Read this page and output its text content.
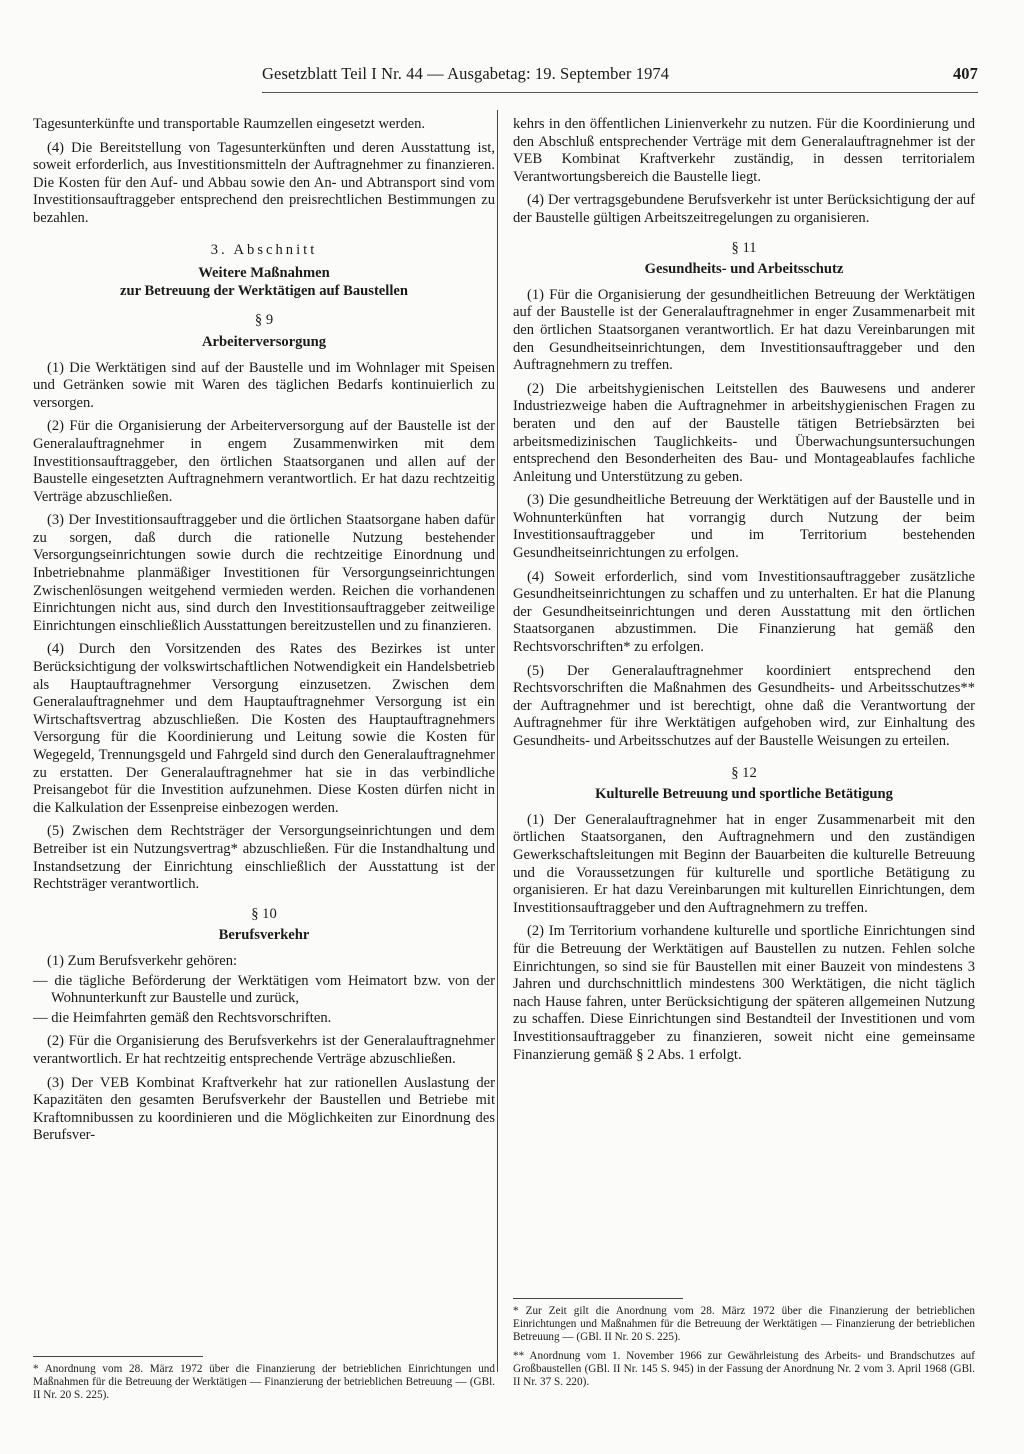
Gesetzblatt Teil I Nr. 44 — Ausgabetag: 19. September 1974	407

Tagesunterkünfte und transportable Raumzellen eingesetzt werden.

(4) Die Bereitstellung von Tagesunterkünften und deren Ausstattung ist, soweit erforderlich, aus Investitionsmitteln der Auftragnehmer zu finanzieren. Die Kosten für den Auf- und Abbau sowie den An- und Abtransport sind vom Investitionsauftraggeber entsprechend den preisrechtlichen Bestimmungen zu bezahlen.

3. Abschnitt
Weitere Maßnahmen
zur Betreuung der Werktätigen auf Baustellen
§ 9
Arbeiterversorgung

(1) Die Werktätigen sind auf der Baustelle und im Wohnlager mit Speisen und Getränken sowie mit Waren des täglichen Bedarfs kontinuierlich zu versorgen.

(2) Für die Organisierung der Arbeiterversorgung auf der Baustelle ist der Generalauftragnehmer in engem Zusammenwirken mit dem Investitionsauftraggeber, den örtlichen Staatsorganen und allen auf der Baustelle eingesetzten Auftragnehmern verantwortlich. Er hat dazu rechtzeitig Verträge abzuschließen.

(3) Der Investitionsauftraggeber und die örtlichen Staatsorgane haben dafür zu sorgen, daß durch die rationelle Nutzung bestehender Versorgungseinrichtungen sowie durch die rechtzeitige Einordnung und Inbetriebnahme planmäßiger Investitionen für Versorgungseinrichtungen Zwischenlösungen weitgehend vermieden werden. Reichen die vorhandenen Einrichtungen nicht aus, sind durch den Investitionsauftraggeber zeitweilige Einrichtungen einschließlich Ausstattungen bereitzustellen und zu finanzieren.

(4) Durch den Vorsitzenden des Rates des Bezirkes ist unter Berücksichtigung der volkswirtschaftlichen Notwendigkeit ein Handelsbetrieb als Hauptauftragnehmer Versorgung einzusetzen. Zwischen dem Generalauftragnehmer und dem Hauptauftragnehmer Versorgung ist ein Wirtschaftsvertrag abzuschließen. Die Kosten des Hauptauftragnehmers Versorgung für die Koordinierung und Leitung sowie die Kosten für Wegegeld, Trennungsgeld und Fahrgeld sind durch den Generalauftragnehmer zu erstatten. Der Generalauftragnehmer hat sie in das verbindliche Preisangebot für die Investition aufzunehmen. Diese Kosten dürfen nicht in die Kalkulation der Essenpreise einbezogen werden.

(5) Zwischen dem Rechtsträger der Versorgungseinrichtungen und dem Betreiber ist ein Nutzungsvertrag* abzuschließen. Für die Instandhaltung und Instandsetzung der Einrichtung einschließlich der Ausstattung ist der Rechtsträger verantwortlich.

§ 10
Berufsverkehr

(1) Zum Berufsverkehr gehören:

— die tägliche Beförderung der Werktätigen vom Heimatort bzw. von der Wohnunterkunft zur Baustelle und zurück,

— die Heimfahrten gemäß den Rechtsvorschriften.

(2) Für die Organisierung des Berufsverkehrs ist der Generalauftragnehmer verantwortlich. Er hat rechtzeitig entsprechende Verträge abzuschließen.

(3) Der VEB Kombinat Kraftverkehr hat zur rationellen Auslastung der Kapazitäten den gesamten Berufsverkehr der Baustellen und Betriebe mit Kraftomnibussen zu koordinieren und die Möglichkeiten zur Einordnung des Berufsver-

* Anordnung vom 28. März 1972 über die Finanzierung der betrieblichen Einrichtungen und Maßnahmen für die Betreuung der Werktätigen — Finanzierung der betrieblichen Betreuung — (GBl. II Nr. 20 S. 225).

kehrs in den öffentlichen Linienverkehr zu nutzen. Für die Koordinierung und den Abschluß entsprechender Verträge mit dem Generalauftragnehmer ist der VEB Kombinat Kraftverkehr zuständig, in dessen territorialem Verantwortungsbereich die Baustelle liegt.

(4) Der vertragsgebundene Berufsverkehr ist unter Berücksichtigung der auf der Baustelle gültigen Arbeitszeitregelungen zu organisieren.

§ 11
Gesundheits- und Arbeitsschutz

(1) Für die Organisierung der gesundheitlichen Betreuung der Werktätigen auf der Baustelle ist der Generalauftragnehmer in enger Zusammenarbeit mit den örtlichen Staatsorganen verantwortlich. Er hat dazu Vereinbarungen mit den Gesundheitseinrichtungen, dem Investitionsauftraggeber und den Auftragnehmern zu treffen.

(2) Die arbeitshygienischen Leitstellen des Bauwesens und anderer Industriezweige haben die Auftragnehmer in arbeitshygienischen Fragen zu beraten und den auf der Baustelle tätigen Betriebsärzten bei arbeitsmedizinischen Tauglichkeits- und Überwachungsuntersuchungen entsprechend den Besonderheiten des Bau- und Montageablaufes fachliche Anleitung und Unterstützung zu geben.

(3) Die gesundheitliche Betreuung der Werktätigen auf der Baustelle und in Wohnunterkünften hat vorrangig durch Nutzung der beim Investitionsauftraggeber und im Territorium bestehenden Gesundheitseinrichtungen zu erfolgen.

(4) Soweit erforderlich, sind vom Investitionsauftraggeber zusätzliche Gesundheitseinrichtungen zu schaffen und zu unterhalten. Er hat die Planung der Gesundheitseinrichtungen und deren Ausstattung mit den örtlichen Staatsorganen abzustimmen. Die Finanzierung hat gemäß den Rechtsvorschriften* zu erfolgen.

(5) Der Generalauftragnehmer koordiniert entsprechend den Rechtsvorschriften die Maßnahmen des Gesundheits- und Arbeitsschutzes** der Auftragnehmer und ist berechtigt, ohne daß die Verantwortung der Auftragnehmer für ihre Werktätigen aufgehoben wird, zur Einhaltung des Gesundheits- und Arbeitsschutzes auf der Baustelle Weisungen zu erteilen.

§ 12
Kulturelle Betreuung und sportliche Betätigung

(1) Der Generalauftragnehmer hat in enger Zusammenarbeit mit den örtlichen Staatsorganen, den Auftragnehmern und den zuständigen Gewerkschaftsleitungen mit Beginn der Bauarbeiten die kulturelle Betreuung und die Voraussetzungen für kulturelle und sportliche Betätigung zu organisieren. Er hat dazu Vereinbarungen mit kulturellen Einrichtungen, dem Investitionsauftraggeber und den Auftragnehmern zu treffen.

(2) Im Territorium vorhandene kulturelle und sportliche Einrichtungen sind für die Betreuung der Werktätigen auf Baustellen zu nutzen. Fehlen solche Einrichtungen, so sind sie für Baustellen mit einer Bauzeit von mindestens 3 Jahren und durchschnittlich mindestens 300 Werktätigen, die nicht täglich nach Hause fahren, unter Berücksichtigung der späteren allgemeinen Nutzung zu schaffen. Diese Einrichtungen sind Bestandteil der Investitionen und vom Investitionsauftraggeber zu finanzieren, soweit nicht eine gemeinsame Finanzierung gemäß § 2 Abs. 1 erfolgt.

* Zur Zeit gilt die Anordnung vom 28. März 1972 über die Finanzierung der betrieblichen Einrichtungen und Maßnahmen für die Betreuung der Werktätigen — Finanzierung der betrieblichen Betreuung — (GBl. II Nr. 20 S. 225).

** Anordnung vom 1. November 1966 zur Gewährleistung des Arbeits- und Brandschutzes auf Großbaustellen (GBl. II Nr. 145 S. 945) in der Fassung der Anordnung Nr. 2 vom 3. April 1968 (GBl. II Nr. 37 S. 220).
